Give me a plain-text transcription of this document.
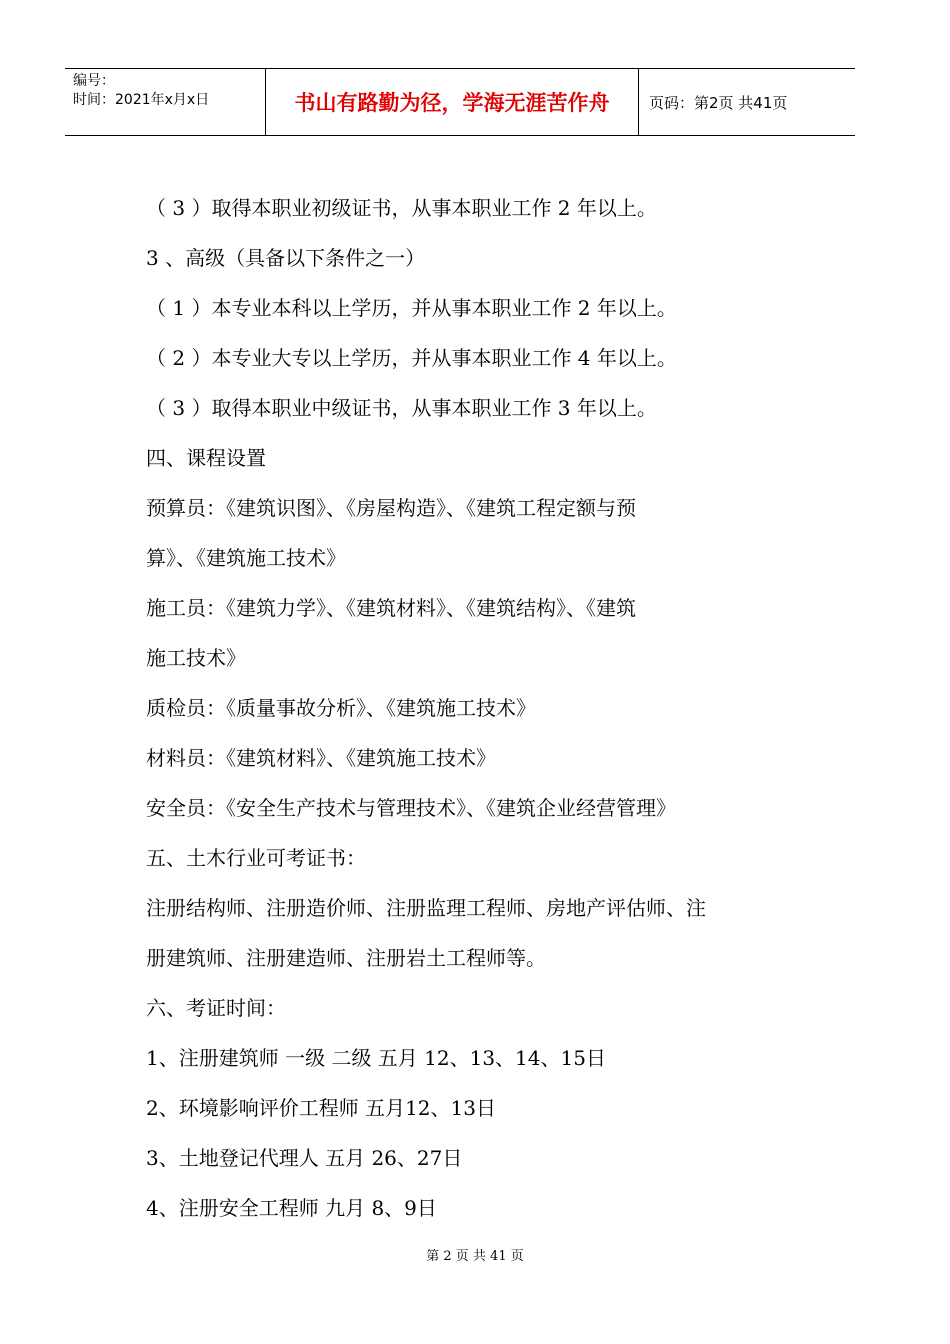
编号：
时间：2021年x月x日	书山有路勤为径，学海无涯苦作舟	页码：第2页 共41页
（ 3 ）取得本职业初级证书，从事本职业工作 2 年以上。
3 、高级（具备以下条件之一）
（ 1 ）本专业本科以上学历，并从事本职业工作 2 年以上。
（ 2 ）本专业大专以上学历，并从事本职业工作 4 年以上。
（ 3 ）取得本职业中级证书，从事本职业工作 3 年以上。
四、课程设置
预算员：《建筑识图》、《房屋构造》、《建筑工程定额与预
算》、《建筑施工技术》
施工员：《建筑力学》、《建筑材料》、《建筑结构》、《建筑
施工技术》
质检员：《质量事故分析》、《建筑施工技术》
材料员：《建筑材料》、《建筑施工技术》
安全员：《安全生产技术与管理技术》、《建筑企业经营管理》
五、土木行业可考证书：
注册结构师、注册造价师、注册监理工程师、房地产评估师、注
册建筑师、注册建造师、注册岩土工程师等。
六、考证时间：
1、注册建筑师 一级 二级 五月 12、13、14、15日
2、环境影响评价工程师 五月12、13日
3、土地登记代理人 五月 26、27日
4、注册安全工程师 九月 8、9日
第 2 页 共 41 页
